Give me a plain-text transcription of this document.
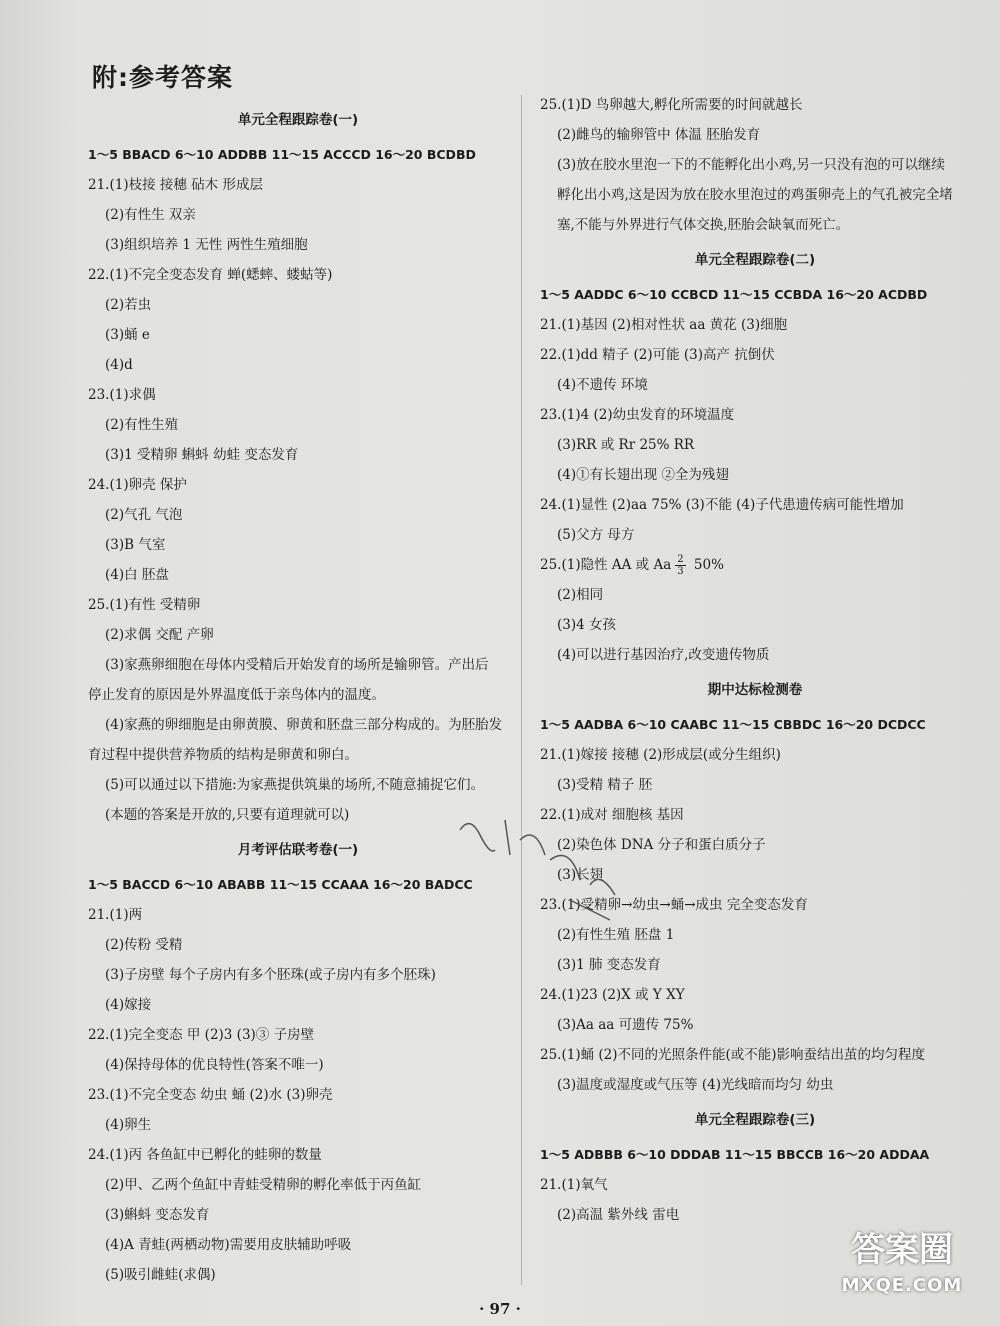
附:参考答案
单元全程跟踪卷(一)
1～5 BBACD 6～10 ADDBB 11～15 ACCCD 16～20 BCDBD
21.(1)枝接 接穗 砧木 形成层
(2)有性生 双亲
(3)组织培养 1 无性 两性生殖细胞
22.(1)不完全变态发育 蝉(蟋蟀、蝼蛄等)
(2)若虫
(3)蛹 e
(4)d
23.(1)求偶
(2)有性生殖
(3)1 受精卵 蝌蚪 幼蛙 变态发育
24.(1)卵壳 保护
(2)气孔 气泡
(3)B 气室
(4)白 胚盘
25.(1)有性 受精卵
(2)求偶 交配 产卵
(3)家燕卵细胞在母体内受精后开始发育的场所是输卵管。产出后
停止发育的原因是外界温度低于亲鸟体内的温度。
(4)家燕的卵细胞是由卵黄膜、卵黄和胚盘三部分构成的。为胚胎发
育过程中提供营养物质的结构是卵黄和卵白。
(5)可以通过以下措施:为家燕提供筑巢的场所,不随意捕捉它们。
(本题的答案是开放的,只要有道理就可以)
月考评估联考卷(一)
1～5 BACCD 6～10 ABABB 11～15 CCAAA 16～20 BADCC
21.(1)两
(2)传粉 受精
(3)子房壁 每个子房内有多个胚珠(或子房内有多个胚珠)
(4)嫁接
22.(1)完全变态 甲 (2)3 (3)③ 子房壁
(4)保持母体的优良特性(答案不唯一)
23.(1)不完全变态 幼虫 蛹 (2)水 (3)卵壳
(4)卵生
24.(1)丙 各鱼缸中已孵化的蛙卵的数量
(2)甲、乙两个鱼缸中青蛙受精卵的孵化率低于丙鱼缸
(3)蝌蚪 变态发育
(4)A 青蛙(两栖动物)需要用皮肤辅助呼吸
(5)吸引雌蛙(求偶)
25.(1)D 鸟卵越大,孵化所需要的时间就越长
(2)雌鸟的输卵管中 体温 胚胎发育
(3)放在胶水里泡一下的不能孵化出小鸡,另一只没有泡的可以继续
孵化出小鸡,这是因为放在胶水里泡过的鸡蛋卵壳上的气孔被完全堵
塞,不能与外界进行气体交换,胚胎会缺氧而死亡。
单元全程跟踪卷(二)
1～5 AADDC 6～10 CCBCD 11～15 CCBDA 16～20 ACDBD
21.(1)基因 (2)相对性状 aa 黄花 (3)细胞
22.(1)dd 精子 (2)可能 (3)高产 抗倒伏
(4)不遗传 环境
23.(1)4 (2)幼虫发育的环境温度
(3)RR 或 Rr 25% RR
(4)①有长翅出现 ②全为残翅
24.(1)显性 (2)aa 75% (3)不能 (4)子代患遗传病可能性增加
(5)父方 母方
25.(1)隐性 AA 或 Aa $\frac{2}{3} 50\%$
(2)相同
(3)4 女孩
(4)可以进行基因治疗,改变遗传物质
期中达标检测卷
1～5 AADBA 6～10 CAABC 11～15 CBBDC 16～20 DCDCC
21.(1)嫁接 接穗 (2)形成层(或分生组织)
(3)受精 精子 胚
22.(1)成对 细胞核 基因
(2)染色体 DNA 分子和蛋白质分子
(3)长翅
23.(1)受精卵→幼虫→蛹→成虫 完全变态发育
(2)有性生殖 胚盘 1
(3)1 肺 变态发育
24.(1)23 (2)X 或 Y XY
(3)Aa aa 可遗传 75%
25.(1)蛹 (2)不同的光照条件能(或不能)影响蚕结出茧的均匀程度
(3)温度或湿度或气压等 (4)光线暗而均匀 幼虫
单元全程跟踪卷(三)
1～5 ADBBB 6～10 DDDAB 11～15 BBCCB 16～20 ADDAA
21.(1)氧气
(2)高温 紫外线 雷电
· 97 ·
答案圈
MXQE.COM
